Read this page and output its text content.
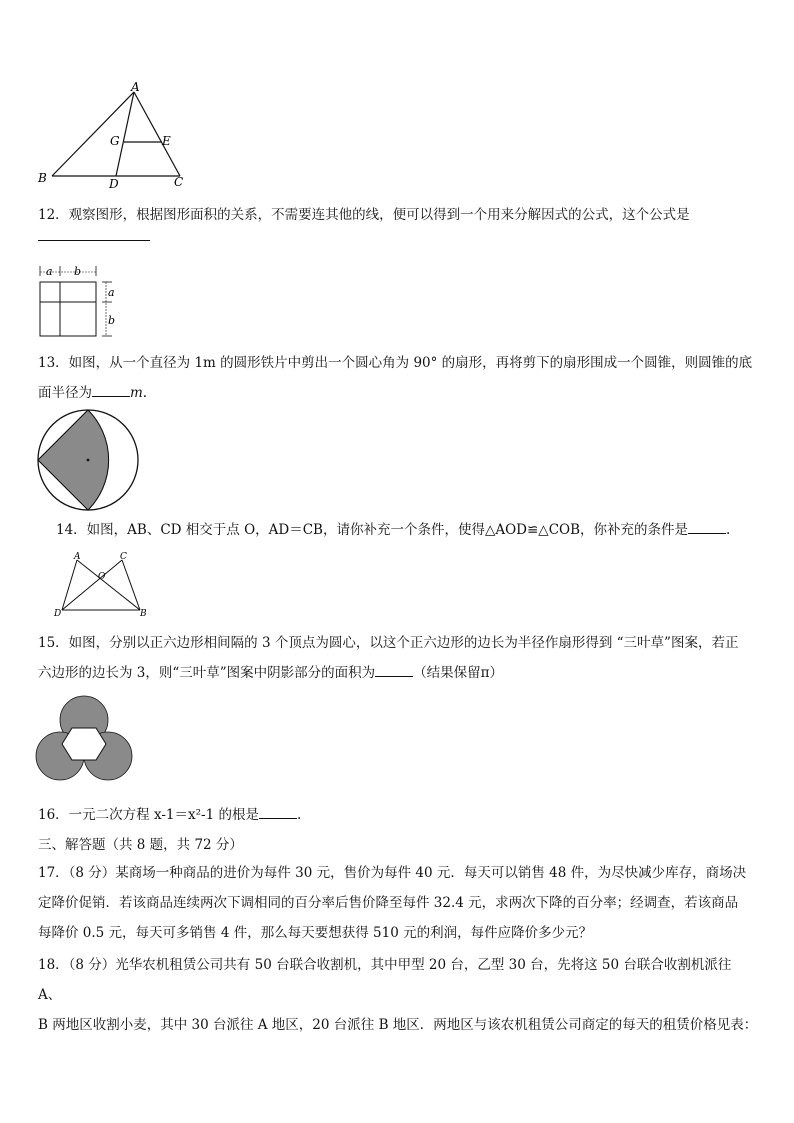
A
B	C
D
E
G
12．观察图形，根据图形面积的关系，不需要连其他的线，便可以得到一个用来分解因式的公式，这个公式是
a b
a
b
13．如图，从一个直径为 1m 的圆形铁片中剪出一个圆心角为 90° 的扇形，再将剪下的扇形围成一个圆锥，则圆锥的底
面半径为	m.
14．如图，AB、CD 相交于点 O，AD＝CB，请你补充一个条件，使得△AOD≌△COB，你补充的条件是	.
A	C
O
D	B
15．如图，分别以正六边形相间隔的 3 个顶点为圆心，以这个正六边形的边长为半径作扇形得到 “三叶草”图案，若正
六边形的边长为 3，则“三叶草”图案中阴影部分的面积为	（结果保留π）
16．一元二次方程 x-1＝x²-1 的根是	.
三、解答题（共 8 题，共 72 分）
17．（8 分）某商场一种商品的进价为每件 30 元，售价为每件 40 元．每天可以销售 48 件，为尽快减少库存，商场决
定降价促销．若该商品连续两次下调相同的百分率后售价降至每件 32.4 元，求两次下降的百分率；经调查，若该商品
每降价 0.5 元，每天可多销售 4 件，那么每天要想获得 510 元的利润，每件应降价多少元？
18．（8 分）光华农机租赁公司共有 50 台联合收割机，其中甲型 20 台，乙型 30 台，先将这 50 台联合收割机派往 A、
B 两地区收割小麦，其中 30 台派往 A 地区，20 台派往 B 地区．两地区与该农机租赁公司商定的每天的租赁价格见表：
